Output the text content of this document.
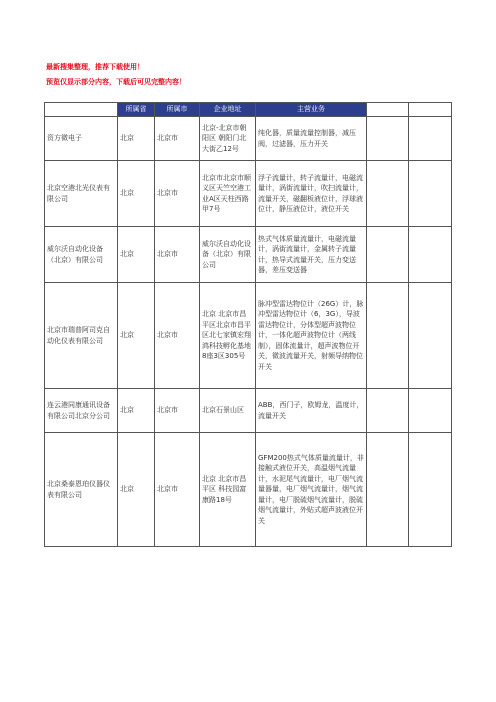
最新搜集整理，推荐下载使用！
预览仅显示部分内容，下载后可见完整内容！
	所属省	所属市	企业地址	主营业务		
资方微电子	北京	北京市	北京-北京市朝阳区 朝阳门北大街乙12号	纯化器，质量流量控制器，减压阀，过滤器，压力开关		
北京空港北光仪表有限公司	北京	北京市	北京市北京市顺义区天竺空港工业A区天柱西路甲7号	浮子流量计，转子流量计，电磁流量计，涡街流量计，吹扫流量计，流量开关，磁翻板液位计，浮球液位计，静压液位计，液位开关		
威尔沃自动化设备（北京）有限公司	北京	北京市	威尔沃自动化设备（北京）有限公司	热式气体质量流量计，电磁流量计，涡街流量计，金属转子流量计，热导式流量开关，压力变送器，差压变送器		
北京市瑞普阿司克自动化仪表有限公司	北京	北京市	北京 北京市昌平区北京市昌平区北七家镇宏翔鸿科技孵化基地8座3区305号	脉冲型雷达物位计（26G）计，脉冲型雷达物位计（6，3G），导波雷达物位计，分体型超声波物位计，一体化超声波物位计（两线制），固体流量计，超声波物位开关，微波流量开关，射频导纳物位开关		
连云港同康通讯设备有限公司北京分公司	北京	北京市	北京石景山区	ABB，西门子，欧姆龙，温度计，流量开关		
北京桑泰恩珀仪器仪表有限公司	北京	北京市	北京 北京市昌平区 科技园富康路18号	GFM200热式气体质量流量计，非接触式液位开关，高温烟气流量计，水泥尾气流量计，电厂烟气流量器量，电厂烟气流量计，烟气流量计，电厂脱硫烟气流量计，脱硫烟气流量计，外贴式超声波液位开关		
